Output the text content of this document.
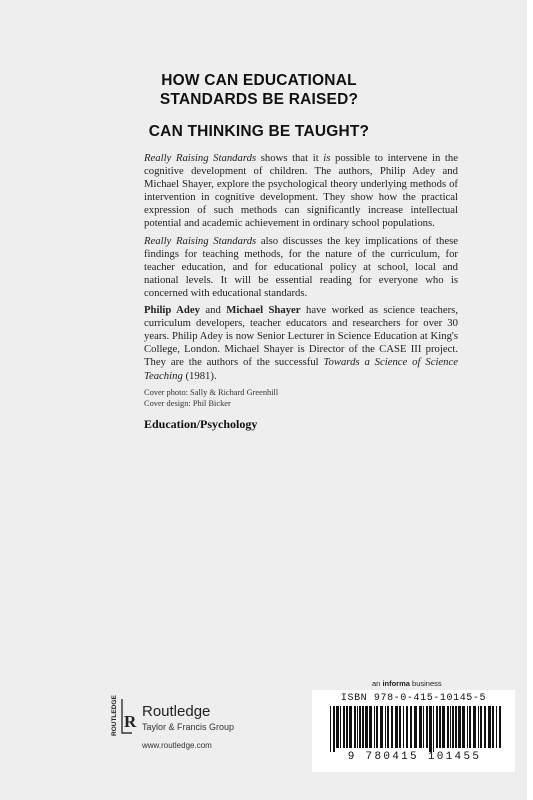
HOW CAN EDUCATIONAL
STANDARDS BE RAISED?
CAN THINKING BE TAUGHT?

Really Raising Standards shows that it is possible to intervene in the cognitive development of children. The authors, Philip Adey and Michael Shayer, explore the psychological theory underlying methods of intervention in cognitive development. They show how the practical expression of such methods can significantly increase intellectual potential and academic achievement in ordinary school populations.

Really Raising Standards also discusses the key implications of these findings for teaching methods, for the nature of the curriculum, for teacher education, and for educational policy at school, local and national levels. It will be essential reading for everyone who is concerned with educational standards.

Philip Adey and Michael Shayer have worked as science teachers, curriculum developers, teacher educators and researchers for over 30 years. Philip Adey is now Senior Lecturer in Science Education at King's College, London. Michael Shayer is Director of the CASE III project. They are the authors of the successful Towards a Science of Science Teaching (1981).

Cover photo: Sally & Richard Greenhill
Cover design: Phil Bicker
Education/Psychology
an informa business
ISBN 978-0-415-10145-5
9 780415 101455
ROUTLEDGE R
Routledge
Taylor & Francis Group
www.routledge.com
